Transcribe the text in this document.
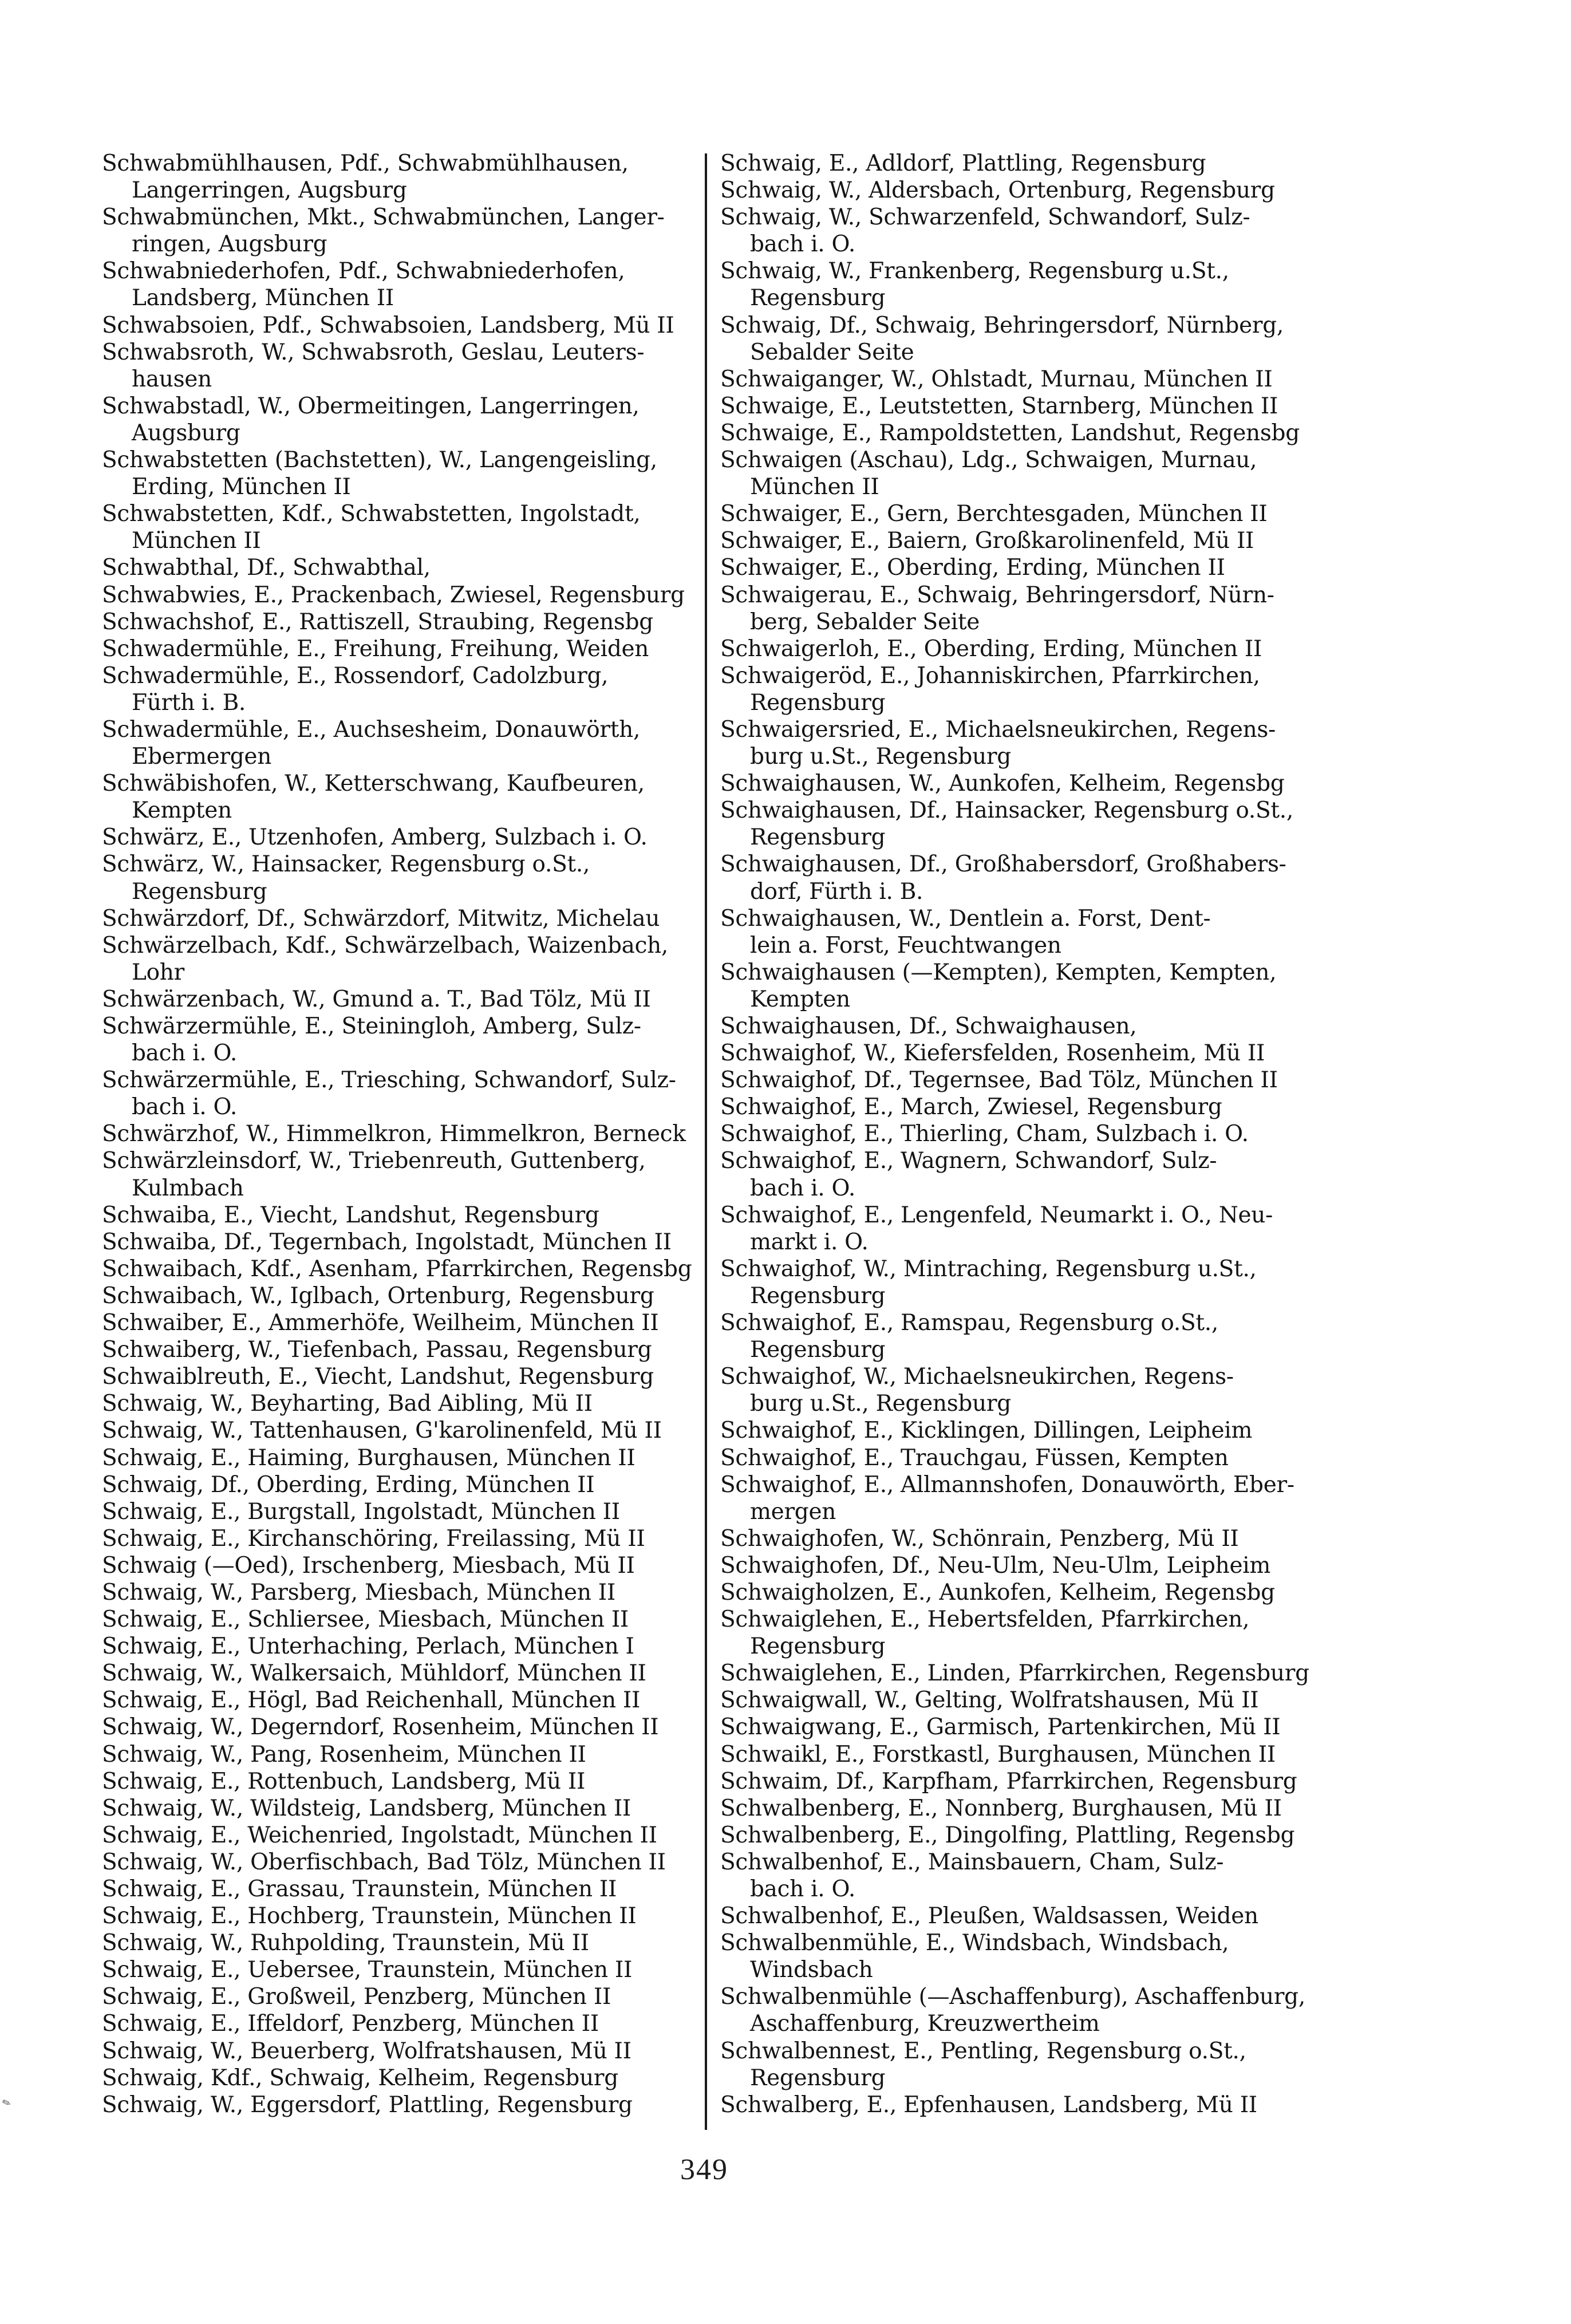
Schwabmühlhausen, Pdf., Schwabmühlhausen,
Langerringen, Augsburg
Schwabmünchen, Mkt., Schwabmünchen, Langer-
ringen, Augsburg
Schwabniederhofen, Pdf., Schwabniederhofen,
Landsberg, München II
Schwabsoien, Pdf., Schwabsoien, Landsberg, Mü II
Schwabsroth, W., Schwabsroth, Geslau, Leuters-
hausen
Schwabstadl, W., Obermeitingen, Langerringen,
Augsburg
Schwabstetten (Bachstetten), W., Langengeisling,
Erding, München II
Schwabstetten, Kdf., Schwabstetten, Ingolstadt,
München II
Schwabthal, Df., Schwabthal,
Schwabwies, E., Prackenbach, Zwiesel, Regensburg
Schwachshof, E., Rattiszell, Straubing, Regensbg
Schwadermühle, E., Freihung, Freihung, Weiden
Schwadermühle, E., Rossendorf, Cadolzburg,
Fürth i. B.
Schwadermühle, E., Auchsesheim, Donauwörth,
Ebermergen
Schwäbishofen, W., Ketterschwang, Kaufbeuren,
Kempten
Schwärz, E., Utzenhofen, Amberg, Sulzbach i. O.
Schwärz, W., Hainsacker, Regensburg o.St.,
Regensburg
Schwärzdorf, Df., Schwärzdorf, Mitwitz, Michelau
Schwärzelbach, Kdf., Schwärzelbach, Waizenbach,
Lohr
Schwärzenbach, W., Gmund a. T., Bad Tölz, Mü II
Schwärzermühle, E., Steiningloh, Amberg, Sulz-
bach i. O.
Schwärzermühle, E., Triesching, Schwandorf, Sulz-
bach i. O.
Schwärzhof, W., Himmelkron, Himmelkron, Berneck
Schwärzleinsdorf, W., Triebenreuth, Guttenberg,
Kulmbach
Schwaiba, E., Viecht, Landshut, Regensburg
Schwaiba, Df., Tegernbach, Ingolstadt, München II
Schwaibach, Kdf., Asenham, Pfarrkirchen, Regensbg
Schwaibach, W., Iglbach, Ortenburg, Regensburg
Schwaiber, E., Ammerhöfe, Weilheim, München II
Schwaiberg, W., Tiefenbach, Passau, Regensburg
Schwaiblreuth, E., Viecht, Landshut, Regensburg
Schwaig, W., Beyharting, Bad Aibling, Mü II
Schwaig, W., Tattenhausen, G'karolinenfeld, Mü II
Schwaig, E., Haiming, Burghausen, München II
Schwaig, Df., Oberding, Erding, München II
Schwaig, E., Burgstall, Ingolstadt, München II
Schwaig, E., Kirchanschöring, Freilassing, Mü II
Schwaig (—Oed), Irschenberg, Miesbach, Mü II
Schwaig, W., Parsberg, Miesbach, München II
Schwaig, E., Schliersee, Miesbach, München II
Schwaig, E., Unterhaching, Perlach, München I
Schwaig, W., Walkersaich, Mühldorf, München II
Schwaig, E., Högl, Bad Reichenhall, München II
Schwaig, W., Degerndorf, Rosenheim, München II
Schwaig, W., Pang, Rosenheim, München II
Schwaig, E., Rottenbuch, Landsberg, Mü II
Schwaig, W., Wildsteig, Landsberg, München II
Schwaig, E., Weichenried, Ingolstadt, München II
Schwaig, W., Oberfischbach, Bad Tölz, München II
Schwaig, E., Grassau, Traunstein, München II
Schwaig, E., Hochberg, Traunstein, München II
Schwaig, W., Ruhpolding, Traunstein, Mü II
Schwaig, E., Uebersee, Traunstein, München II
Schwaig, E., Großweil, Penzberg, München II
Schwaig, E., Iffeldorf, Penzberg, München II
Schwaig, W., Beuerberg, Wolfratshausen, Mü II
Schwaig, Kdf., Schwaig, Kelheim, Regensburg
Schwaig, W., Eggersdorf, Plattling, Regensburg
Schwaig, E., Adldorf, Plattling, Regensburg
Schwaig, W., Aldersbach, Ortenburg, Regensburg
Schwaig, W., Schwarzenfeld, Schwandorf, Sulz-
bach i. O.
Schwaig, W., Frankenberg, Regensburg u.St.,
Regensburg
Schwaig, Df., Schwaig, Behringersdorf, Nürnberg,
Sebalder Seite
Schwaiganger, W., Ohlstadt, Murnau, München II
Schwaige, E., Leutstetten, Starnberg, München II
Schwaige, E., Rampoldstetten, Landshut, Regensbg
Schwaigen (Aschau), Ldg., Schwaigen, Murnau,
München II
Schwaiger, E., Gern, Berchtesgaden, München II
Schwaiger, E., Baiern, Großkarolinenfeld, Mü II
Schwaiger, E., Oberding, Erding, München II
Schwaigerau, E., Schwaig, Behringersdorf, Nürn-
berg, Sebalder Seite
Schwaigerloh, E., Oberding, Erding, München II
Schwaigeröd, E., Johanniskirchen, Pfarrkirchen,
Regensburg
Schwaigersried, E., Michaelsneukirchen, Regens-
burg u.St., Regensburg
Schwaighausen, W., Aunkofen, Kelheim, Regensbg
Schwaighausen, Df., Hainsacker, Regensburg o.St.,
Regensburg
Schwaighausen, Df., Großhabersdorf, Großhabers-
dorf, Fürth i. B.
Schwaighausen, W., Dentlein a. Forst, Dent-
lein a. Forst, Feuchtwangen
Schwaighausen (—Kempten), Kempten, Kempten,
Kempten
Schwaighausen, Df., Schwaighausen,
Schwaighof, W., Kiefersfelden, Rosenheim, Mü II
Schwaighof, Df., Tegernsee, Bad Tölz, München II
Schwaighof, E., March, Zwiesel, Regensburg
Schwaighof, E., Thierling, Cham, Sulzbach i. O.
Schwaighof, E., Wagnern, Schwandorf, Sulz-
bach i. O.
Schwaighof, E., Lengenfeld, Neumarkt i. O., Neu-
markt i. O.
Schwaighof, W., Mintraching, Regensburg u.St.,
Regensburg
Schwaighof, E., Ramspau, Regensburg o.St.,
Regensburg
Schwaighof, W., Michaelsneukirchen, Regens-
burg u.St., Regensburg
Schwaighof, E., Kicklingen, Dillingen, Leipheim
Schwaighof, E., Trauchgau, Füssen, Kempten
Schwaighof, E., Allmannshofen, Donauwörth, Eber-
mergen
Schwaighofen, W., Schönrain, Penzberg, Mü II
Schwaighofen, Df., Neu-Ulm, Neu-Ulm, Leipheim
Schwaigholzen, E., Aunkofen, Kelheim, Regensbg
Schwaiglehen, E., Hebertsfelden, Pfarrkirchen,
Regensburg
Schwaiglehen, E., Linden, Pfarrkirchen, Regensburg
Schwaigwall, W., Gelting, Wolfratshausen, Mü II
Schwaigwang, E., Garmisch, Partenkirchen, Mü II
Schwaikl, E., Forstkastl, Burghausen, München II
Schwaim, Df., Karpfham, Pfarrkirchen, Regensburg
Schwalbenberg, E., Nonnberg, Burghausen, Mü II
Schwalbenberg, E., Dingolfing, Plattling, Regensbg
Schwalbenhof, E., Mainsbauern, Cham, Sulz-
bach i. O.
Schwalbenhof, E., Pleußen, Waldsassen, Weiden
Schwalbenmühle, E., Windsbach, Windsbach,
Windsbach
Schwalbenmühle (—Aschaffenburg), Aschaffenburg,
Aschaffenburg, Kreuzwertheim
Schwalbennest, E., Pentling, Regensburg o.St.,
Regensburg
Schwalberg, E., Epfenhausen, Landsberg, Mü II
349
✎
